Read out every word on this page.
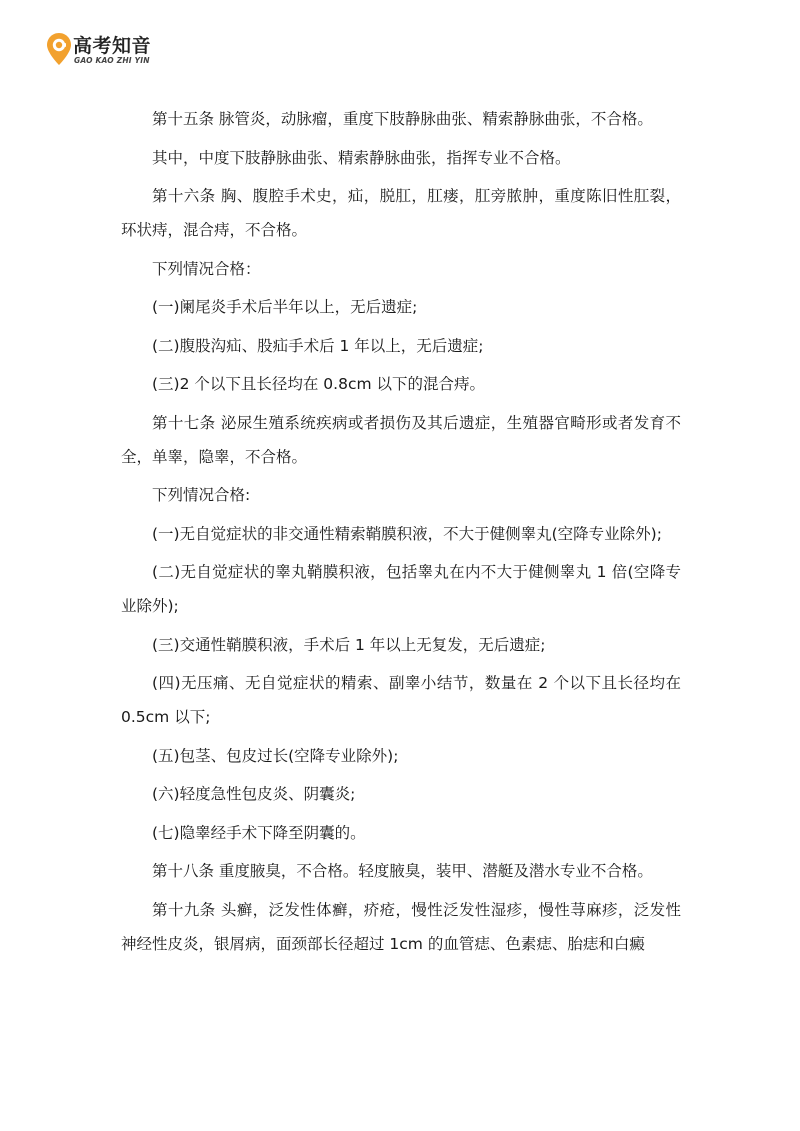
高考知音
GAO KAO ZHI YIN

第十五条 脉管炎，动脉瘤，重度下肢静脉曲张、精索静脉曲张，不合格。

其中，中度下肢静脉曲张、精索静脉曲张，指挥专业不合格。

第十六条 胸、腹腔手术史，疝，脱肛，肛瘘，肛旁脓肿，重度陈旧性肛裂，环状痔，混合痔，不合格。

下列情况合格：

(一)阑尾炎手术后半年以上，无后遗症;

(二)腹股沟疝、股疝手术后 1 年以上，无后遗症;

(三)2 个以下且长径均在 0.8cm 以下的混合痔。

第十七条 泌尿生殖系统疾病或者损伤及其后遗症，生殖器官畸形或者发育不全，单睾，隐睾，不合格。

下列情况合格:

(一)无自觉症状的非交通性精索鞘膜积液，不大于健侧睾丸(空降专业除外);

(二)无自觉症状的睾丸鞘膜积液，包括睾丸在内不大于健侧睾丸 1 倍(空降专业除外);

(三)交通性鞘膜积液，手术后 1 年以上无复发，无后遗症;

(四)无压痛、无自觉症状的精索、副睾小结节，数量在 2 个以下且长径均在 0.5cm 以下;

(五)包茎、包皮过长(空降专业除外);

(六)轻度急性包皮炎、阴囊炎;

(七)隐睾经手术下降至阴囊的。

第十八条 重度腋臭，不合格。轻度腋臭，装甲、潜艇及潜水专业不合格。

第十九条 头癣，泛发性体癣，疥疮，慢性泛发性湿疹，慢性荨麻疹，泛发性神经性皮炎，银屑病，面颈部长径超过 1cm 的血管痣、色素痣、胎痣和白癜
